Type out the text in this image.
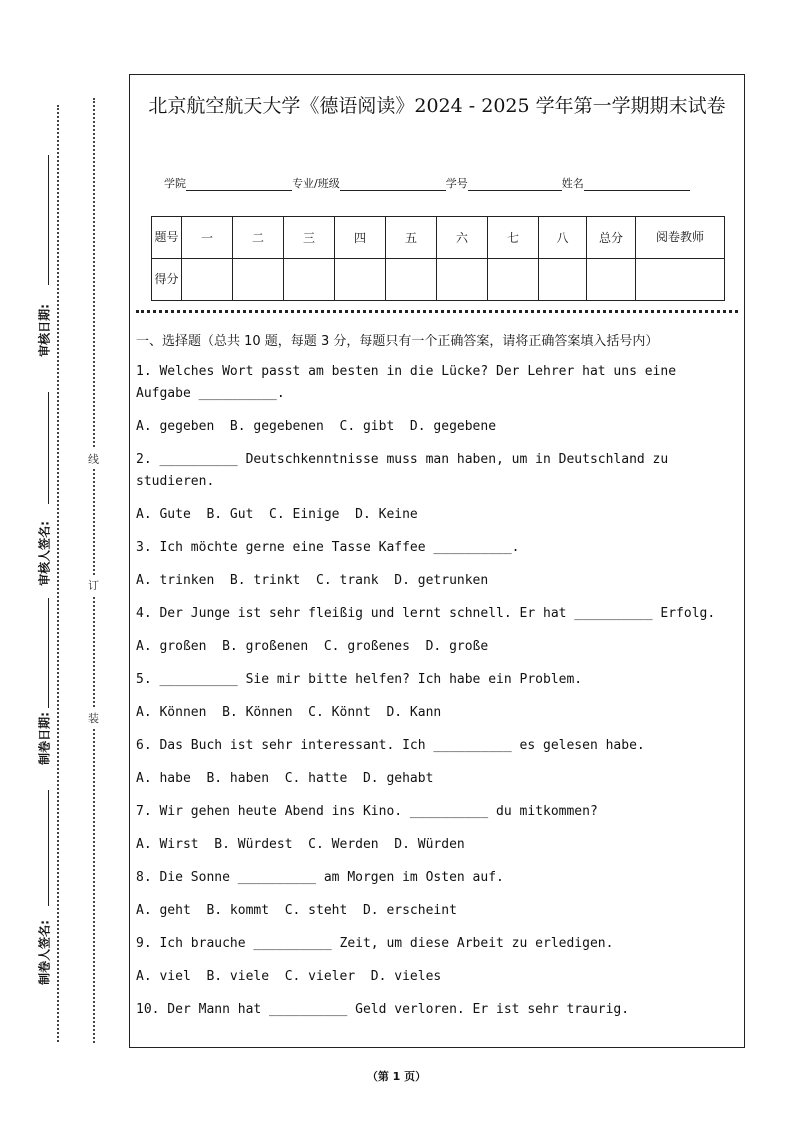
审核日期:
审核人签名:
制卷日期:
制卷人签名:
线
订
装
北京航空航天大学《德语阅读》2024 - 2025 学年第一学期期末试卷
学院	专业/班级	学号	姓名
题号	一	二	三	四	五	六	七	八	总分	阅卷教师
得分										
一、选择题（总共 10 题，每题 3 分，每题只有一个正确答案，请将正确答案填入括号内）
1. Welches Wort passt am besten in die Lücke? Der Lehrer hat uns eine Aufgabe __________.
A. gegeben  B. gegebenen  C. gibt  D. gegebene
2. __________ Deutschkenntnisse muss man haben, um in Deutschland zu studieren.
A. Gute  B. Gut  C. Einige  D. Keine
3. Ich möchte gerne eine Tasse Kaffee __________.
A. trinken  B. trinkt  C. trank  D. getrunken
4. Der Junge ist sehr fleißig und lernt schnell. Er hat __________ Erfolg.
A. großen  B. großenen  C. großenes  D. große
5. __________ Sie mir bitte helfen? Ich habe ein Problem.
A. Können  B. Können  C. Könnt  D. Kann
6. Das Buch ist sehr interessant. Ich __________ es gelesen habe.
A. habe  B. haben  C. hatte  D. gehabt
7. Wir gehen heute Abend ins Kino. __________ du mitkommen?
A. Wirst  B. Würdest  C. Werden  D. Würden
8. Die Sonne __________ am Morgen im Osten auf.
A. geht  B. kommt  C. steht  D. erscheint
9. Ich brauche __________ Zeit, um diese Arbeit zu erledigen.
A. viel  B. viele  C. vieler  D. vieles
10. Der Mann hat __________ Geld verloren. Er ist sehr traurig.
（第 1 页）
